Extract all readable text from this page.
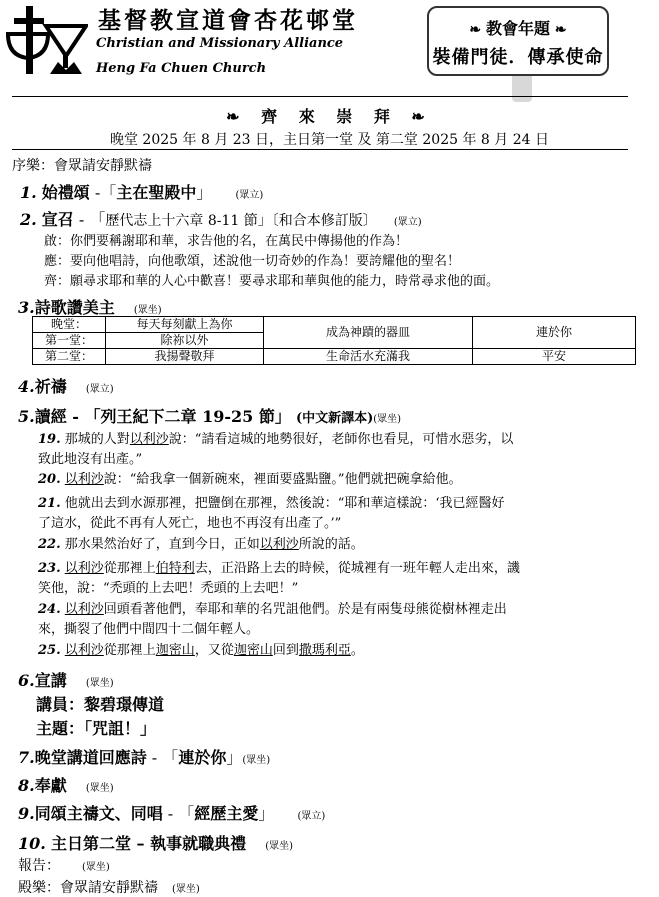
基督教宣道會杏花邨堂
Christian and Missionary Alliance
Heng Fa Chuen Church
❧ 教會年題 ❧
裝備門徒．傳承使命
❧ 齊 來 崇 拜 ❧
晚堂 2025 年 8 月 23 日，主日第一堂 及 第二堂 2025 年 8 月 24 日
序樂：會眾請安靜默禱
1. 始禮頌 -「主在聖殿中」 (眾立)
2. 宣召 - 「歷代志上十六章 8-11 節」〔和合本修訂版〕 (眾立)
啟：你們要稱謝耶和華，求告他的名，在萬民中傳揚他的作為！
應：要向他唱詩，向他歌頌，述說他一切奇妙的作為！要誇耀他的聖名！
齊：願尋求耶和華的人心中歡喜！要尋求耶和華與他的能力，時常尋求他的面。
3.詩歌讚美主 (眾坐)
晚堂：	每天每刻獻上為你	成為神蹟的器皿	連於你
第一堂：	除祢以外		
第二堂：	我揚聲敬拜	生命活水充滿我	平安
4.祈禱 (眾立)
5.讀經 - 「列王紀下二章 19-25 節」 (中文新譯本)(眾坐)
19. 那城的人對以利沙說：“請看這城的地勢很好，老師你也看見，可惜水惡劣，以
致此地沒有出產。”
20. 以利沙說：“給我拿一個新碗來，裡面要盛點鹽。”他們就把碗拿給他。
21. 他就出去到水源那裡，把鹽倒在那裡，然後說：“耶和華這樣說：‘我已經醫好
了這水，從此不再有人死亡，地也不再沒有出產了。’”
22. 那水果然治好了，直到今日，正如以利沙所說的話。
23. 以利沙從那裡上伯特利去，正沿路上去的時候，從城裡有一班年輕人走出來，譏
笑他，說：“禿頭的上去吧！禿頭的上去吧！”
24. 以利沙回頭看著他們，奉耶和華的名咒詛他們。於是有兩隻母熊從樹林裡走出
來，撕裂了他們中間四十二個年輕人。
25. 以利沙從那裡上迦密山，又從迦密山回到撒瑪利亞。
6.宣講 (眾坐)
講員：黎碧璟傳道
主題：「咒詛！」
7.晚堂講道回應詩 - 「連於你」(眾坐)
8.奉獻 (眾坐)
9.同頌主禱文、同唱 - 「經歷主愛」 (眾立)
10. 主日第二堂 – 執事就職典禮 (眾坐)
報告： (眾坐)
殿樂：會眾請安靜默禱 (眾坐)
